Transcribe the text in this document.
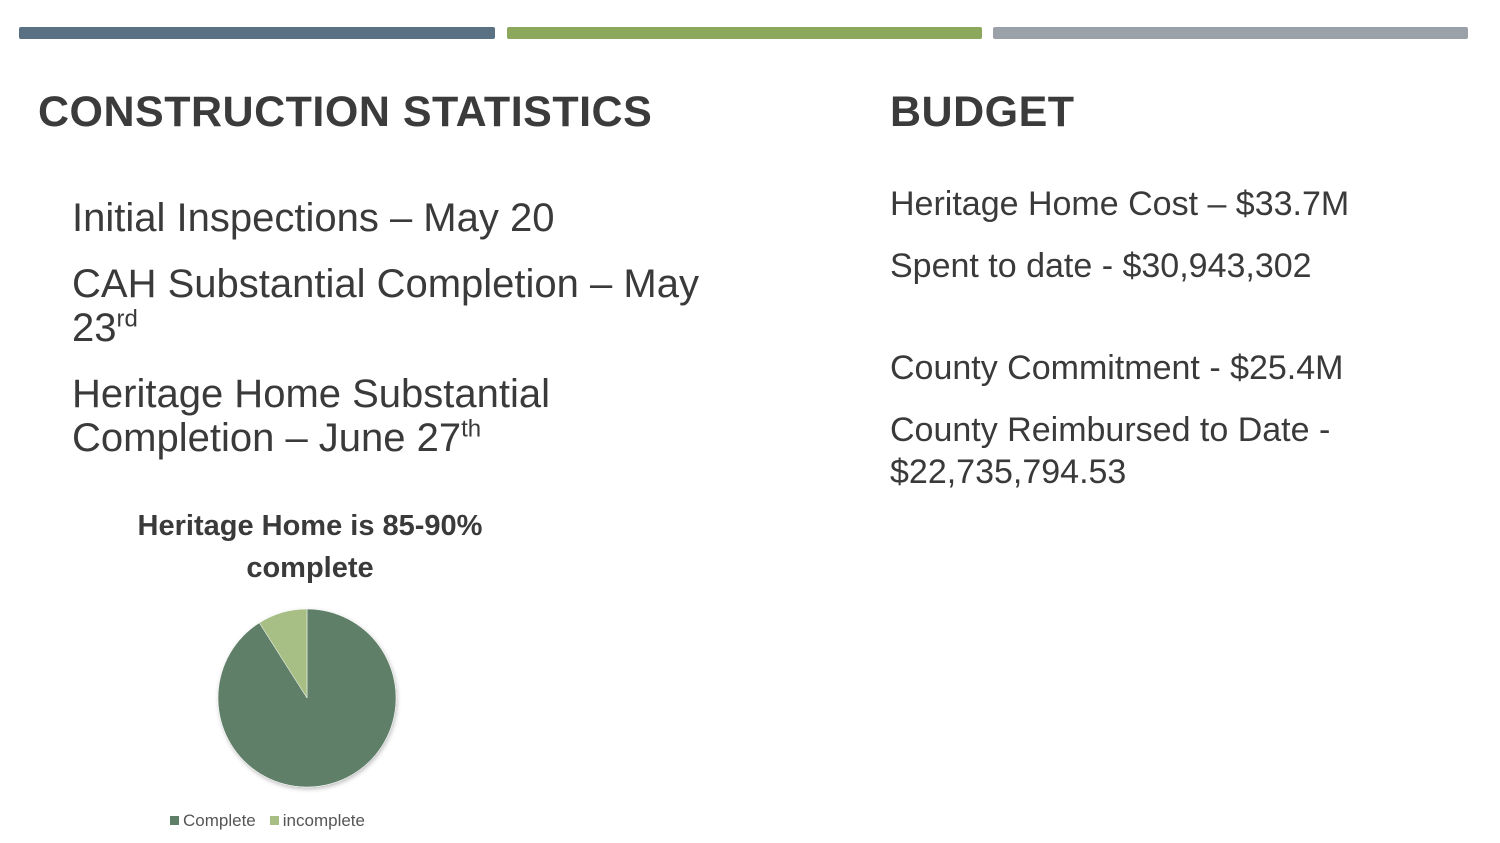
CONSTRUCTION STATISTICS	BUDGET
Initial Inspections – May 20
CAH Substantial Completion – May 23rd
Heritage Home Substantial Completion – June 27th
Heritage Home Cost – $33.7M
Spent to date - $30,943,302
County Commitment - $25.4M
County Reimbursed to Date - $22,735,794.53
Heritage Home is 85-90% complete
Complete incomplete
